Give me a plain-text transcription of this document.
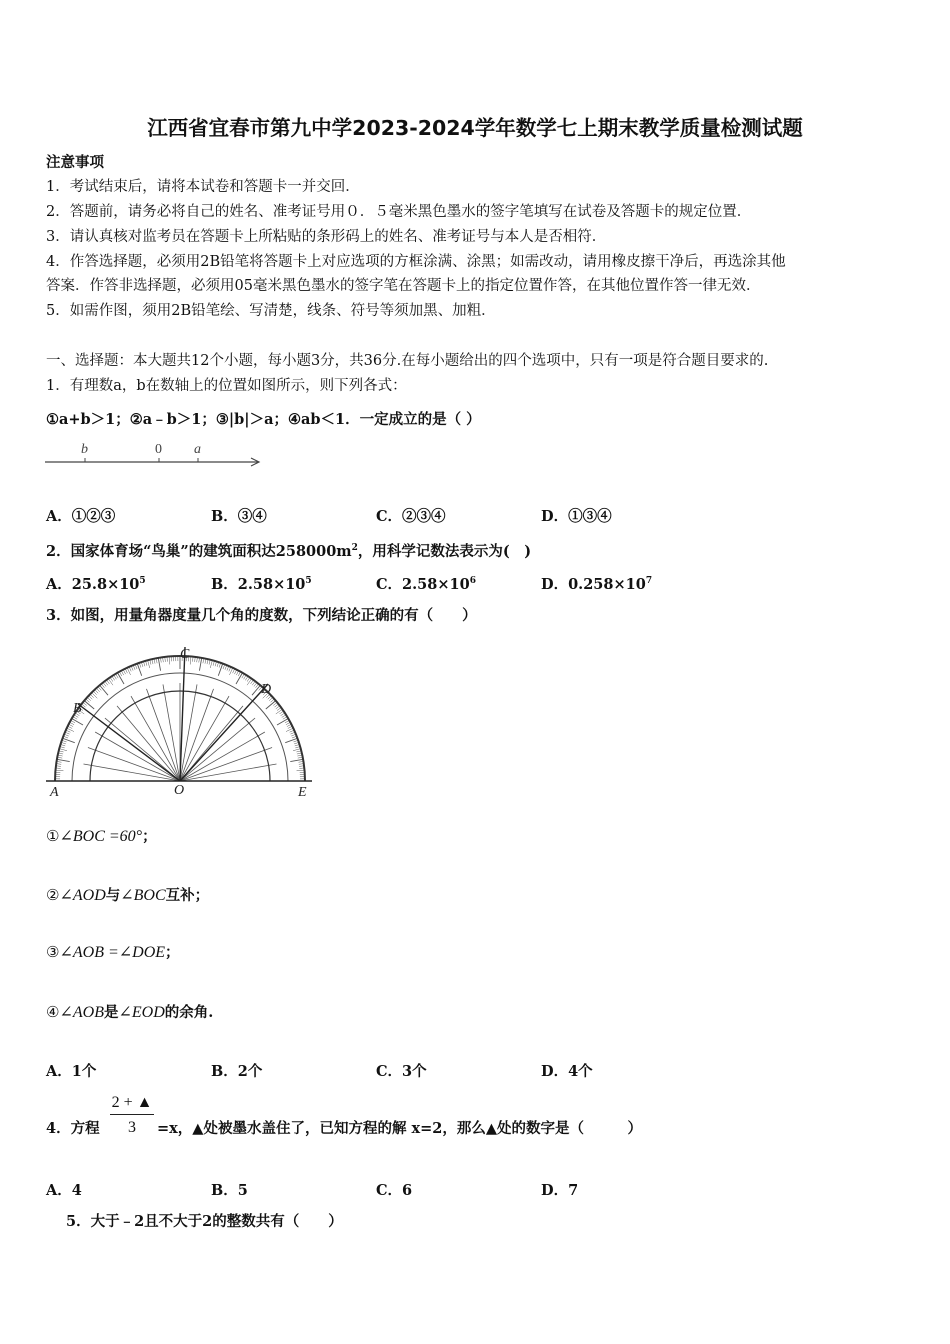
江西省宜春市第九中学2023-2024学年数学七上期末教学质量检测试题
注意事项
1．考试结束后，请将本试卷和答题卡一并交回．
2．答题前，请务必将自己的姓名、准考证号用０．５毫米黑色墨水的签字笔填写在试卷及答题卡的规定位置．
3．请认真核对监考员在答题卡上所粘贴的条形码上的姓名、准考证号与本人是否相符．
4．作答选择题，必须用2B铅笔将答题卡上对应选项的方框涂满、涂黑；如需改动，请用橡皮擦干净后，再选涂其他
答案．作答非选择题，必须用05毫米黑色墨水的签字笔在答题卡上的指定位置作答，在其他位置作答一律无效．
5．如需作图，须用2B铅笔绘、写清楚，线条、符号等须加黑、加粗．
一、选择题：本大题共12个小题，每小题3分，共36分.在每小题给出的四个选项中，只有一项是符合题目要求的.
1．有理数a，b在数轴上的位置如图所示，则下列各式：
①a+b＞1；②a﹣b＞1；③|b|＞a；④ab＜1．一定成立的是（ ）
b	0 a
A．①②③	B．③④	C．②③④	D．①③④
2．国家体育场“鸟巢”的建筑面积达$258000m^2$，用科学记数法表示为(　)
A．$25.8\times 10^5$	B．$2.58\times 10^5$	C．$2.58\times 10^6$	D．$0.258\times 10^7$
3．如图，用量角器度量几个角的度数，下列结论正确的有（　　）
C
B
D
A	O	E
①∠BOC =60°；
②∠AOD与∠BOC互补；
③∠AOB =∠DOE；
④∠AOB是∠EOD的余角.
A．1个	B．2个	C．3个	D．4个
4．方程
2 + ▲
3	=x，▲处被墨水盖住了，已知方程的解 x=2，那么▲处的数字是（　　　）
A．4	B．5	C．6	D．7
5．大于﹣2且不大于2的整数共有（　　）
